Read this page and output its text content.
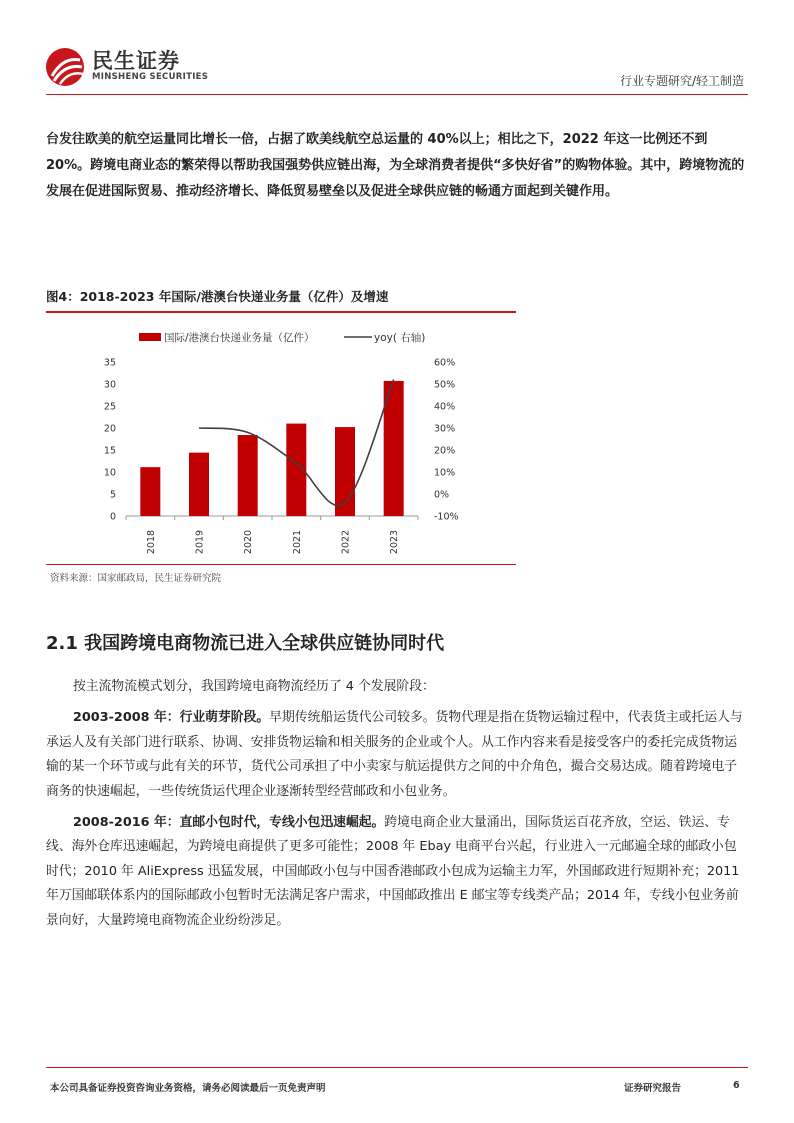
民生证券
MINSHENG SECURITIES	行业专题研究/轻工制造
台发往欧美的航空运量同比增长一倍，占据了欧美线航空总运量的 40%以上；相比之下，2022 年这一比例还不到 20%。跨境电商业态的繁荣得以帮助我国强势供应链出海，为全球消费者提供“多快好省”的购物体验。其中，跨境物流的发展在促进国际贸易、推动经济增长、降低贸易壁垒以及促进全球供应链的畅通方面起到关键作用。
图4：2018-2023 年国际/港澳台快递业务量（亿件）及增速
国际/港澳台快递业务量（亿件）	yoy( 右轴)
0
5
10
15
20
25
30
35
-10%
0%
10%
20%
30%
40%
50%
60%
2018	2019	2020	2021	2022	2023
资料来源：国家邮政局，民生证券研究院
2.1 我国跨境电商物流已进入全球供应链协同时代

按主流物流模式划分，我国跨境电商物流经历了 4 个发展阶段：

2003-2008 年：行业萌芽阶段。早期传统船运货代公司较多。货物代理是指在货物运输过程中，代表货主或托运人与承运人及有关部门进行联系、协调、安排货物运输和相关服务的企业或个人。从工作内容来看是接受客户的委托完成货物运输的某一个环节或与此有关的环节，货代公司承担了中小卖家与航运提供方之间的中介角色，撮合交易达成。随着跨境电子商务的快速崛起，一些传统货运代理企业逐渐转型经营邮政和小包业务。

2008-2016 年：直邮小包时代，专线小包迅速崛起。跨境电商企业大量涌出，国际货运百花齐放，空运、铁运、专线、海外仓库迅速崛起，为跨境电商提供了更多可能性；2008 年 Ebay 电商平台兴起，行业进入一元邮遍全球的邮政小包时代；2010 年 AliExpress 迅猛发展，中国邮政小包与中国香港邮政小包成为运输主力军，外国邮政进行短期补充；2011 年万国邮联体系内的国际邮政小包暂时无法满足客户需求，中国邮政推出 E 邮宝等专线类产品；2014 年，专线小包业务前景向好，大量跨境电商物流企业纷纷涉足。

本公司具备证券投资咨询业务资格，请务必阅读最后一页免责声明	证券研究报告	6
